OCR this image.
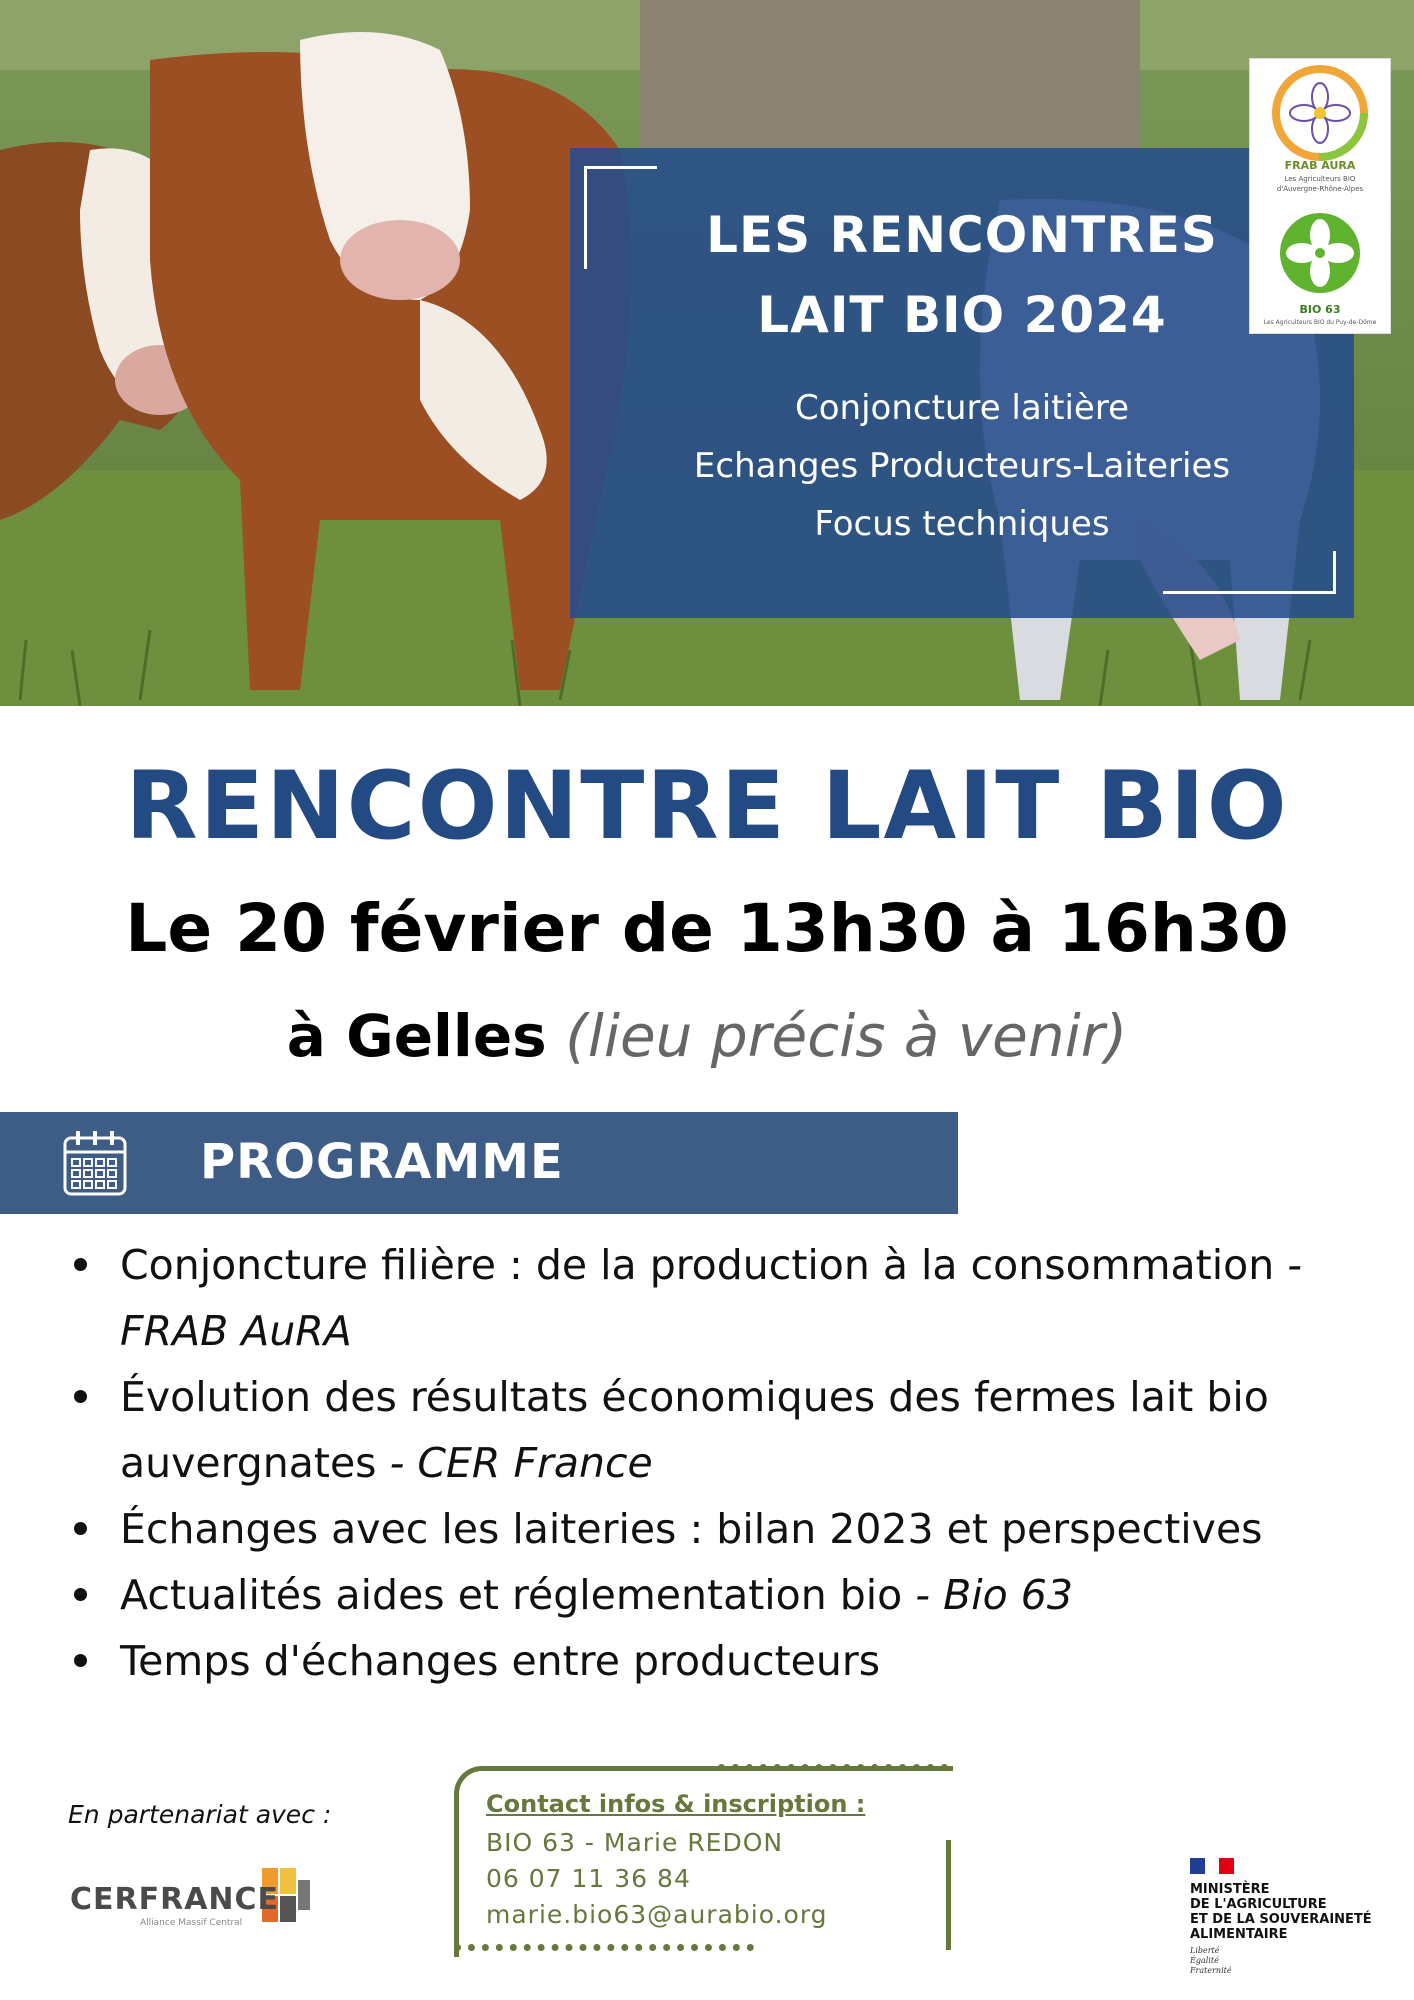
LES RENCONTRES
LAIT BIO 2024
Conjoncture laitière
Echanges Producteurs-Laiteries
Focus techniques
FRAB AURA
Les Agriculteurs BIO
d'Auvergne-Rhône-Alpes
BIO 63
Les Agriculteurs BIO du Puy-de-Dôme
RENCONTRE LAIT BIO
Le 20 février de 13h30 à 16h30
à Gelles (lieu précis à venir)
PROGRAMME
Conjoncture filière : de la production à la consommation - FRAB AuRA
Évolution des résultats économiques des fermes lait bio auvergnates - CER France
Échanges avec les laiteries : bilan 2023 et perspectives
Actualités aides et réglementation bio - Bio 63
Temps d'échanges entre producteurs
En partenariat avec :
CERFRANCE
Alliance Massif Central
Contact infos & inscription :
BIO 63 - Marie REDON
06 07 11 36 84
marie.bio63@aurabio.org
MINISTÈRE
DE L'AGRICULTURE
ET DE LA SOUVERAINETÉ
ALIMENTAIRE
Liberté
Égalité
Fraternité
